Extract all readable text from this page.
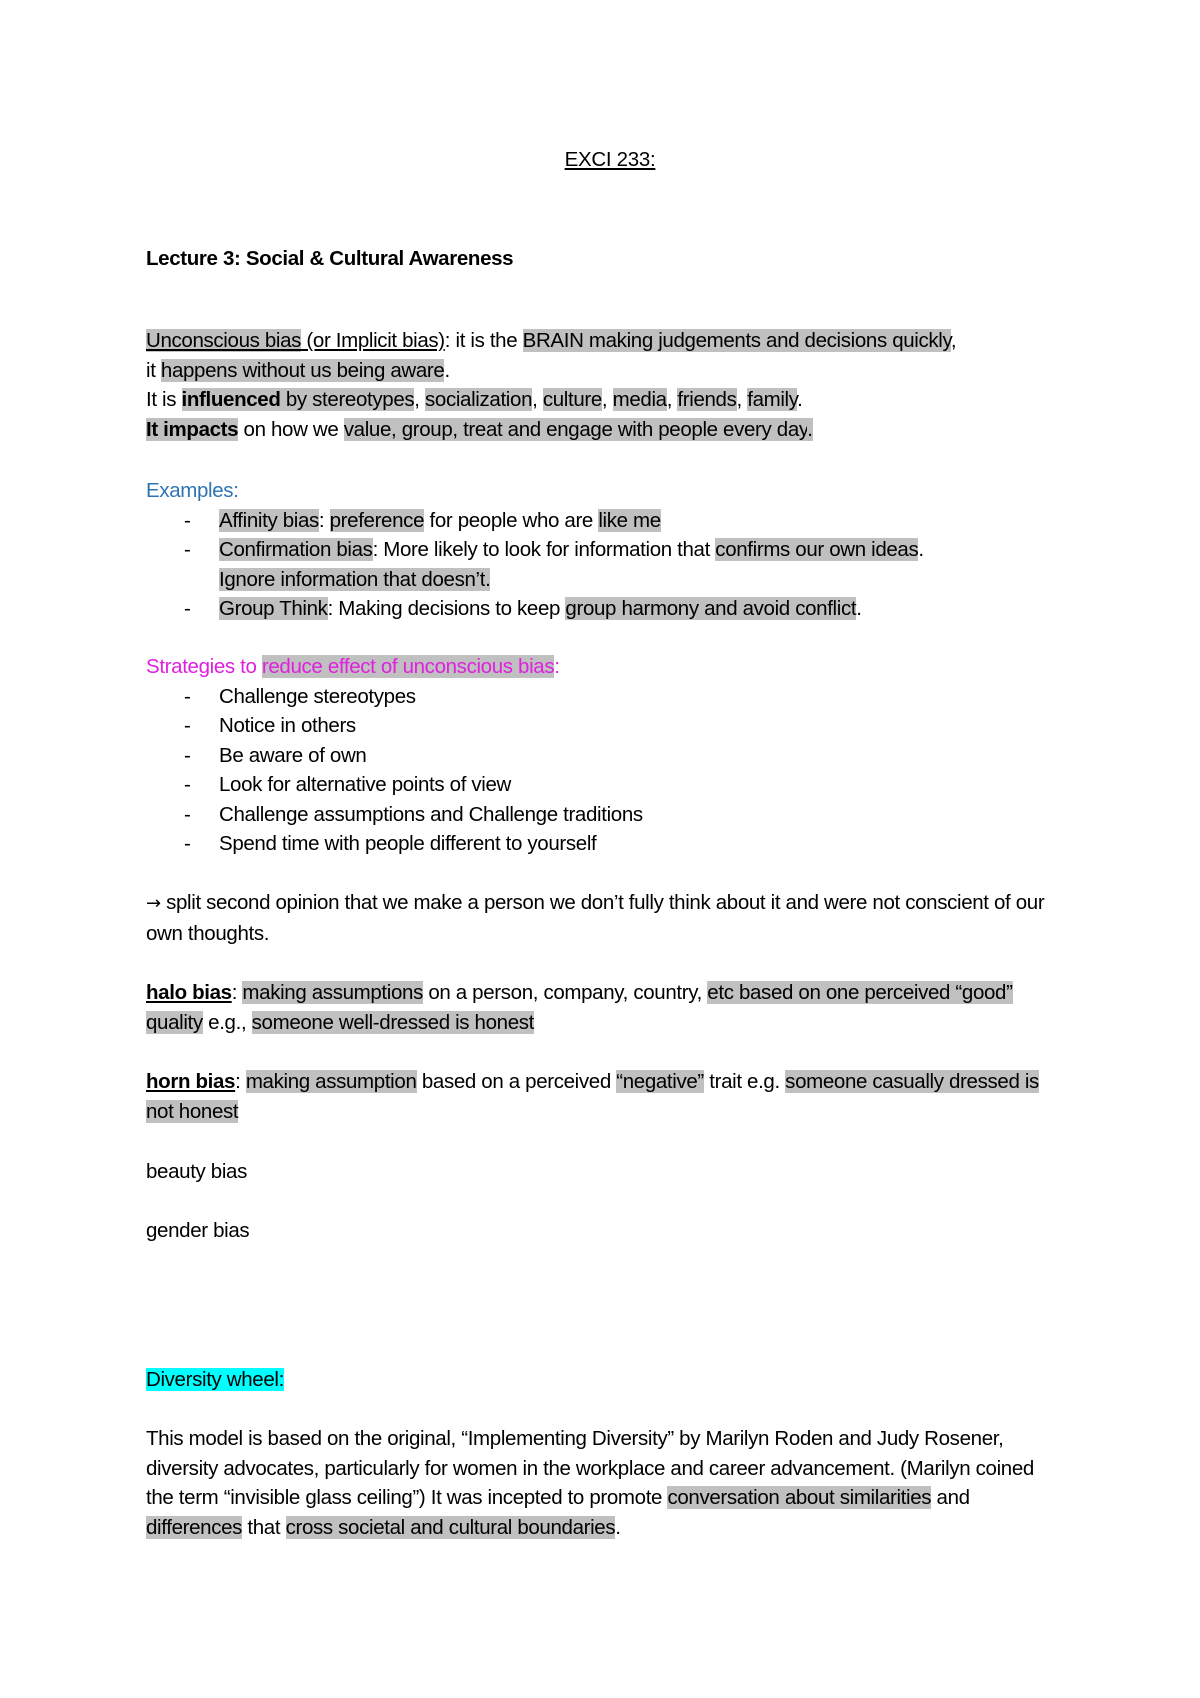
EXCI 233:
Lecture 3: Social & Cultural Awareness
Unconscious bias (or Implicit bias): it is the BRAIN making judgements and decisions quickly,
it happens without us being aware.
It is influenced by stereotypes, socialization, culture, media, friends, family.
It impacts on how we value, group, treat and engage with people every day.
Examples:
- Affinity bias: preference for people who are like me
- Confirmation bias: More likely to look for information that confirms our own ideas.
Ignore information that doesn’t.
- Group Think: Making decisions to keep group harmony and avoid conflict.
Strategies to reduce effect of unconscious bias:
- Challenge stereotypes
- Notice in others
- Be aware of own
- Look for alternative points of view
- Challenge assumptions and Challenge traditions
- Spend time with people different to yourself
→ split second opinion that we make a person we don’t fully think about it and were not conscient of our own thoughts.
halo bias: making assumptions on a person, company, country, etc based on one perceived “good” quality e.g., someone well-dressed is honest
horn bias: making assumption based on a perceived “negative” trait e.g. someone casually dressed is not honest
beauty bias
gender bias
Diversity wheel:
This model is based on the original, “Implementing Diversity” by Marilyn Roden and Judy Rosener, diversity advocates, particularly for women in the workplace and career advancement. (Marilyn coined the term “invisible glass ceiling”) It was incepted to promote conversation about similarities and differences that cross societal and cultural boundaries.
